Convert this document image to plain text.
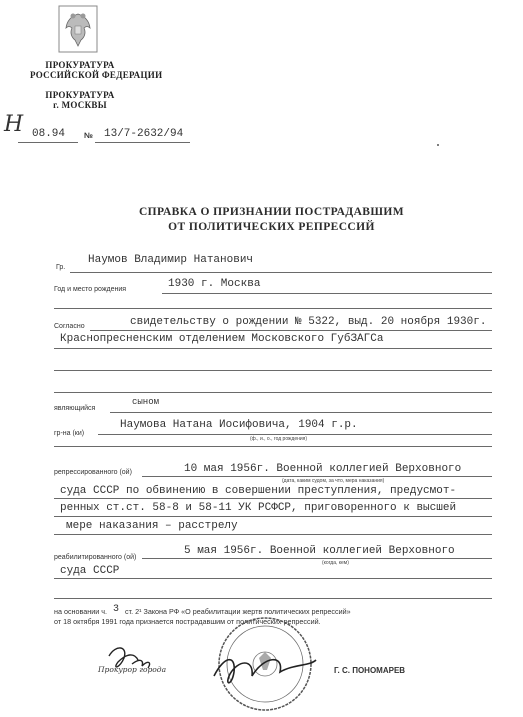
ПРОКУРАТУРА
РОССИЙСКОЙ ФЕДЕРАЦИИ
ПРОКУРАТУРА
г. МОСКВЫ
Н 08.94 № 13/7-2632/94
СПРАВКА О ПРИЗНАНИИ ПОСТРАДАВШИМ
ОТ ПОЛИТИЧЕСКИХ РЕПРЕССИЙ
Гр.
Наумов Владимир Натанович
Год и место рождения	1930 г. Москва
Согласно	свидетельству о рождении № 5322, выд. 20 ноября 1930г.
Краснопресненским отделением Московского ГубЗАГСа
являющийся
сыном
гр-на (ки)
Наумова Натана Иосифовича, 1904 г.р.
(ф., и., о., год рождения)
репрессированного (ой)	10 мая 1956г. Военной коллегией Верховного
(дата, каким судом, за что, мера наказания)
суда СССР по обвинению в совершении преступления, предусмот-
ренных ст.ст. 58-8 и 58-11 УК РСФСР, приговоренного к высшей
мере наказания – расстрелу
реабилитированного (ой)
5 мая 1956г. Военной коллегией Верховного
(когда, кем)
суда СССР
на основании ч. 3 ст. 2¹ Закона РФ «О реабилитации жертв политических репрессий»
от 18 октября 1991 года признается пострадавшим от политических репрессий.
Прокурор города	Г. С. ПОНОМАРЕВ
